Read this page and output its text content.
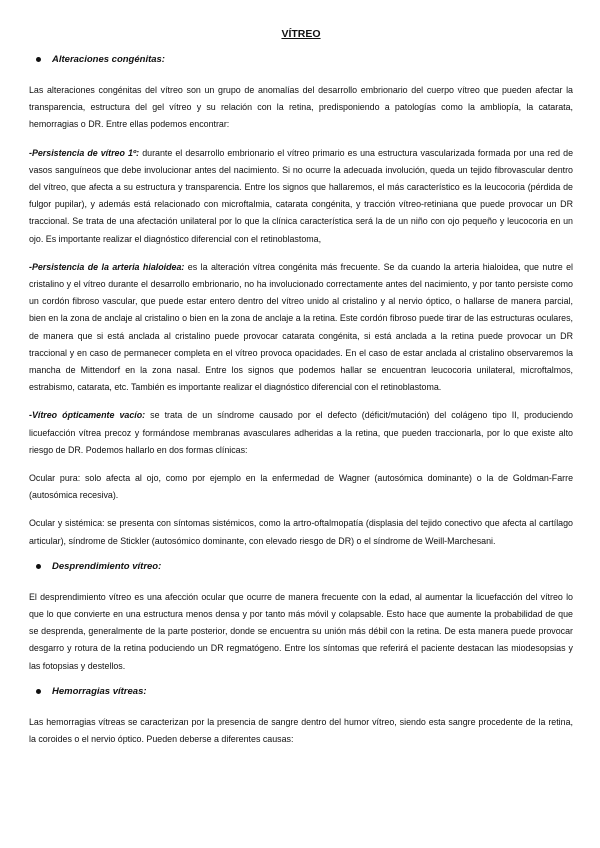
VÍTREO
Alteraciones congénitas:

Las alteraciones congénitas del vítreo son un grupo de anomalías del desarrollo embrionario del cuerpo vítreo que pueden afectar la transparencia, estructura del gel vítreo y su relación con la retina, predisponiendo a patologías como la ambliopía, la catarata, hemorragias o DR. Entre ellas podemos encontrar:

-Persistencia de vítreo 1º: durante el desarrollo embrionario el vítreo primario es una estructura vascularizada formada por una red de vasos sanguíneos que debe involucionar antes del nacimiento. Si no ocurre la adecuada involución, queda un tejido fibrovascular dentro del vítreo, que afecta a su estructura y transparencia. Entre los signos que hallaremos, el más característico es la leucocoria (pérdida de fulgor pupilar), y además está relacionado con microftalmia, catarata congénita, y tracción vítreo-retiniana que puede provocar un DR traccional. Se trata de una afectación unilateral por lo que la clínica característica será la de un niño con ojo pequeño y leucocoria en un ojo. Es importante realizar el diagnóstico diferencial con el retinoblastoma,

-Persistencia de la arteria hialoidea: es la alteración vítrea congénita más frecuente. Se da cuando la arteria hialoidea, que nutre el cristalino y el vítreo durante el desarrollo embrionario, no ha involucionado correctamente antes del nacimiento, y por tanto persiste como un cordón fibroso vascular, que puede estar entero dentro del vítreo unido al cristalino y al nervio óptico, o hallarse de manera parcial, bien en la zona de anclaje al cristalino o bien en la zona de anclaje a la retina. Este cordón fibroso puede tirar de las estructuras oculares, de manera que si está anclada al cristalino puede provocar catarata congénita, si está anclada a la retina puede provocar un DR traccional y en caso de permanecer completa en el vítreo provoca opacidades. En el caso de estar anclada al cristalino observaremos la mancha de Mittendorf en la zona nasal. Entre los signos que podemos hallar se encuentran leucocoria unilateral, microftalmos, estrabismo, catarata, etc. También es importante realizar el diagnóstico diferencial con el retinoblastoma.

-Vítreo ópticamente vacío: se trata de un síndrome causado por el defecto (déficit/mutación) del colágeno tipo II, produciendo licuefacción vítrea precoz y formándose membranas avasculares adheridas a la retina, que pueden traccionarla, por lo que existe alto riesgo de DR. Podemos hallarlo en dos formas clínicas:

Ocular pura: solo afecta al ojo, como por ejemplo en la enfermedad de Wagner (autosómica dominante) o la de Goldman-Farre (autosómica recesiva).

Ocular y sistémica: se presenta con síntomas sistémicos, como la artro-oftalmopatía (displasia del tejido conectivo que afecta al cartílago articular), síndrome de Stickler (autosómico dominante, con elevado riesgo de DR) o el síndrome de Weill-Marchesani.

Desprendimiento vítreo:

El desprendimiento vítreo es una afección ocular que ocurre de manera frecuente con la edad, al aumentar la licuefacción del vítreo lo que lo que convierte en una estructura menos densa y por tanto más móvil y colapsable. Esto hace que aumente la probabilidad de que se desprenda, generalmente de la parte posterior, donde se encuentra su unión más débil con la retina. De esta manera puede provocar desgarro y rotura de la retina poduciendo un DR regmatógeno. Entre los síntomas que referirá el paciente destacan las miodesopsias y las fotopsias y destellos.

Hemorragias vítreas:

Las hemorragias vítreas se caracterizan por la presencia de sangre dentro del humor vítreo, siendo esta sangre procedente de la retina, la coroides o el nervio óptico. Pueden deberse a diferentes causas:
